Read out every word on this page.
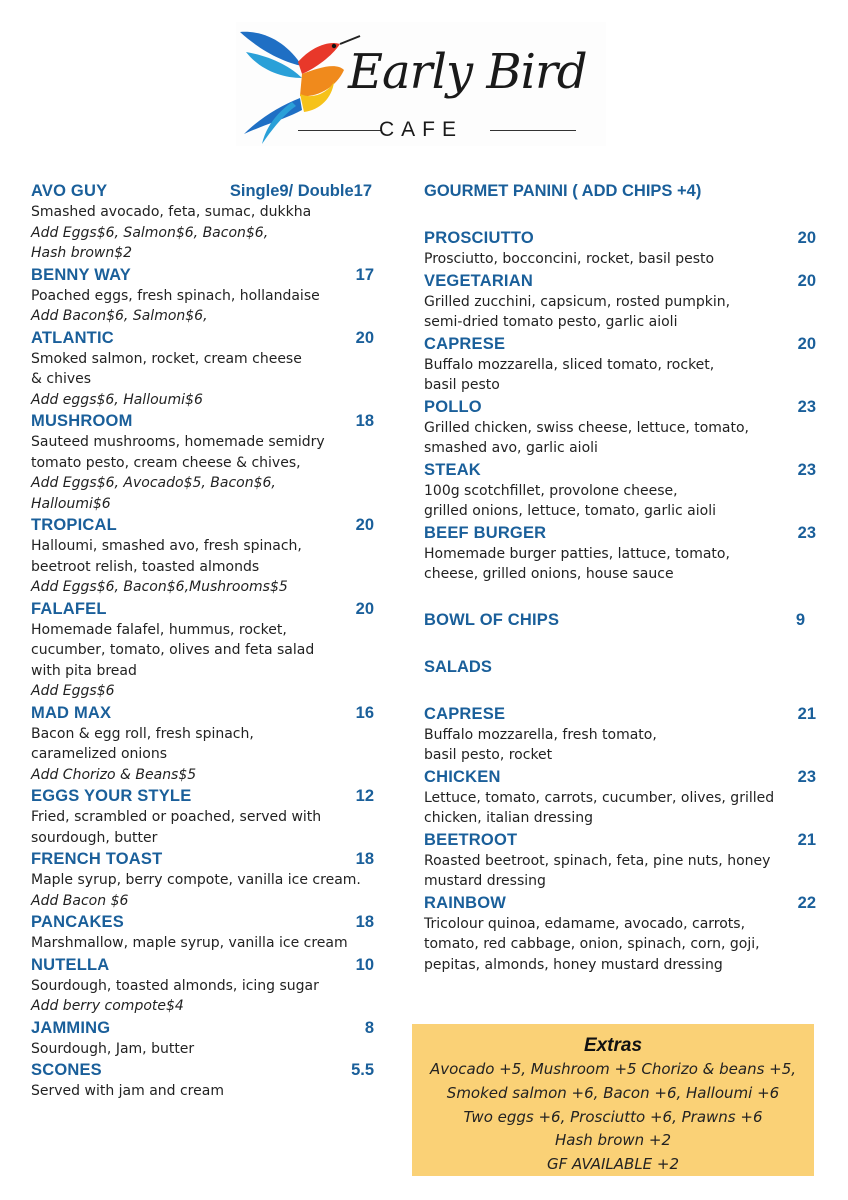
Early Bird
CAFE
AVO GUY	Single9/ Double17
Smashed avocado, feta, sumac, dukkha
Add Eggs$6, Salmon$6, Bacon$6,
Hash brown$2
BENNY WAY	17
Poached eggs, fresh spinach, hollandaise
Add Bacon$6, Salmon$6,
ATLANTIC	20
Smoked salmon, rocket, cream cheese
& chives
Add eggs$6, Halloumi$6
MUSHROOM	18
Sauteed mushrooms, homemade semidry
tomato pesto, cream cheese & chives,
Add Eggs$6, Avocado$5, Bacon$6,
Halloumi$6
TROPICAL	20
Halloumi, smashed avo, fresh spinach,
beetroot relish, toasted almonds
Add Eggs$6, Bacon$6,Mushrooms$5
FALAFEL	20
Homemade falafel, hummus, rocket,
cucumber, tomato, olives and feta salad
with pita bread
Add Eggs$6
MAD MAX	16
Bacon & egg roll, fresh spinach,
caramelized onions
Add Chorizo & Beans$5
EGGS YOUR STYLE	12
Fried, scrambled or poached, served with
sourdough, butter
FRENCH TOAST	18
Maple syrup, berry compote, vanilla ice cream.
Add Bacon $6
PANCAKES	18
Marshmallow, maple syrup, vanilla ice cream
NUTELLA	10
Sourdough, toasted almonds, icing sugar
Add berry compote$4
JAMMING	8
Sourdough, Jam, butter
SCONES	5.5
Served with jam and cream
GOURMET PANINI ( ADD CHIPS +4)
PROSCIUTTO	20
Prosciutto, bocconcini, rocket, basil pesto
VEGETARIAN	20
Grilled zucchini, capsicum, rosted pumpkin,
semi-dried tomato pesto, garlic aioli
CAPRESE	20
Buffalo mozzarella, sliced tomato, rocket,
basil pesto
POLLO	23
Grilled chicken, swiss cheese, lettuce, tomato,
smashed avo, garlic aioli
STEAK	23
100g scotchfillet, provolone cheese,
grilled onions, lettuce, tomato, garlic aioli
BEEF BURGER	23
Homemade burger patties, lattuce, tomato,
cheese, grilled onions, house sauce
BOWL OF CHIPS	9
SALADS
CAPRESE	21
Buffalo mozzarella, fresh tomato,
basil pesto, rocket
CHICKEN	23
Lettuce, tomato, carrots, cucumber, olives, grilled
chicken, italian dressing
BEETROOT	21
Roasted beetroot, spinach, feta, pine nuts, honey
mustard dressing
RAINBOW	22
Tricolour quinoa, edamame, avocado, carrots,
tomato, red cabbage, onion, spinach, corn, goji,
pepitas, almonds, honey mustard dressing
Extras
Avocado +5, Mushroom +5 Chorizo & beans +5,
Smoked salmon +6, Bacon +6, Halloumi +6
Two eggs +6, Prosciutto +6, Prawns +6
Hash brown +2
GF AVAILABLE +2
